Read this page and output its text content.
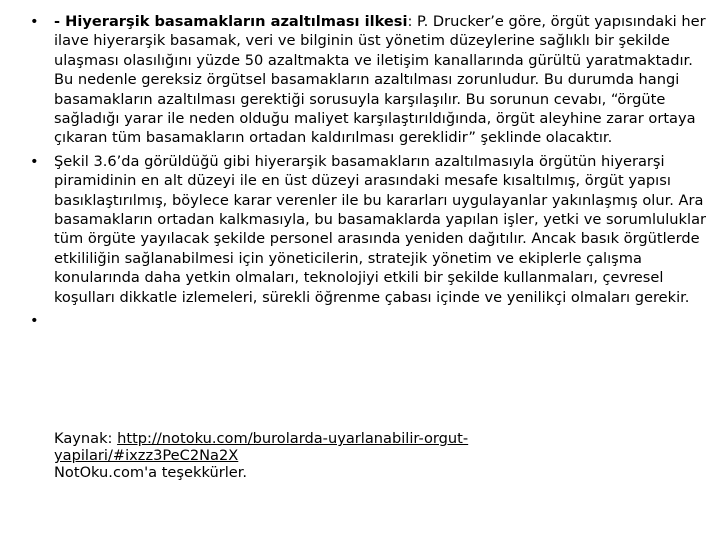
•	- Hiyerarşik basamakların azaltılması ilkesi: P. Drucker’e göre, örgüt yapısındaki her ilave hiyerarşik basamak, veri ve bilginin üst yönetim düzeylerine sağlıklı bir şekilde ulaşması olasılığını yüzde 50 azaltmakta ve iletişim kanallarında gürültü yaratmaktadır. Bu nedenle gereksiz örgütsel basamakların azaltılması zorunludur. Bu durumda hangi basamakların azaltılması gerektiği sorusuyla karşılaşılır. Bu sorunun cevabı, “örgüte sağladığı yarar ile neden olduğu maliyet karşılaştırıldığında, örgüt aleyhine zarar ortaya çıkaran tüm basamakların ortadan kaldırılması gereklidir” şeklinde olacaktır.
•	Şekil 3.6’da görüldüğü gibi hiyerarşik basamakların azaltılmasıyla örgütün hiyerarşi piramidinin en alt düzeyi ile en üst düzeyi arasındaki mesafe kısaltılmış, örgüt yapısı basıklaştırılmış, böylece karar verenler ile bu kararları uygulayanlar yakınlaşmış olur. Ara basamakların ortadan kalkmasıyla, bu basamaklarda yapılan işler, yetki ve sorumluluklar tüm örgüte yayılacak şekilde personel arasında yeniden dağıtılır. Ancak basık örgütlerde etkililiğin sağlanabilmesi için yöneticilerin, stratejik yönetim ve ekiplerle çalışma konularında daha yetkin olmaları, teknolojiyi etkili bir şekilde kullanmaları, çevresel koşulları dikkatle izlemeleri, sürekli öğrenme çabası içinde ve yenilikçi olmaları gerekir.
•

Kaynak: http://notoku.com/burolarda-uyarlanabilir-orgut-yapilari/#ixzz3PeC2Na2X
NotOku.com'a teşekkürler.
